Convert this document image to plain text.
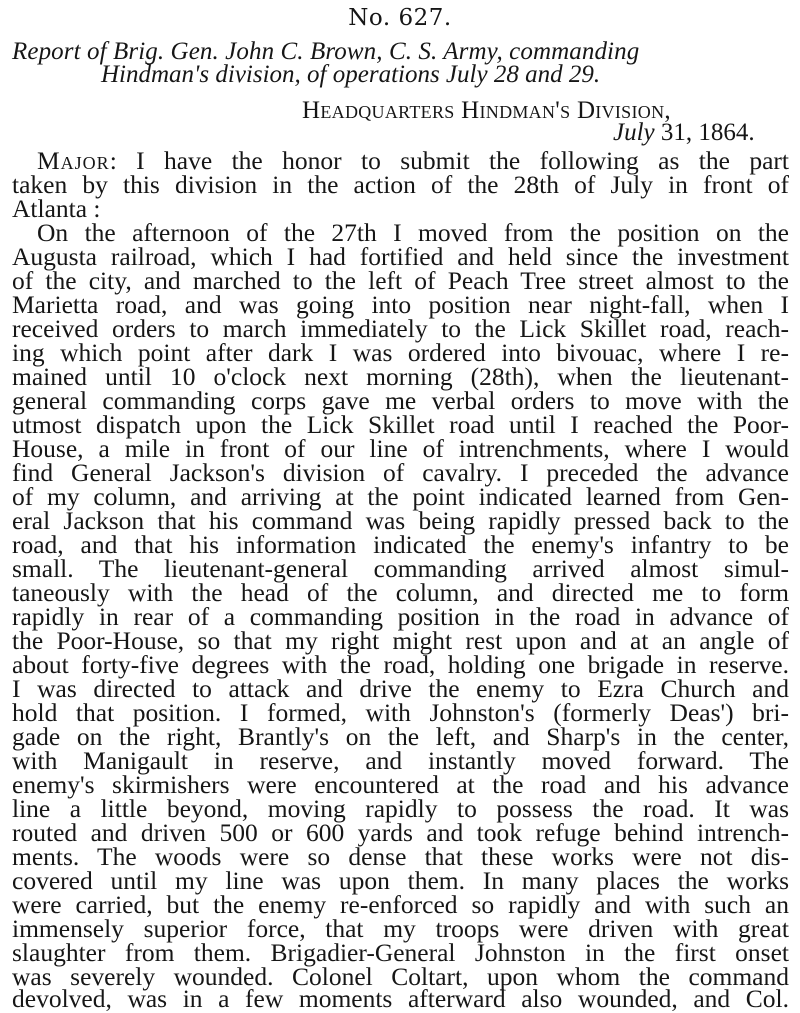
No. 627.
Report of Brig. Gen. John C. Brown, C. S. Army, commanding
Hindman's division, of operations July 28 and 29.
Headquarters Hindman's Division,
July 31, 1864.
Major: I have the honor to submit the following as the part
taken by this division in the action of the 28th of July in front of
Atlanta :
On the afternoon of the 27th I moved from the position on the
Augusta railroad, which I had fortified and held since the investment
of the city, and marched to the left of Peach Tree street almost to the
Marietta road, and was going into position near night-fall, when I
received orders to march immediately to the Lick Skillet road, reach-
ing which point after dark I was ordered into bivouac, where I re-
mained until 10 o'clock next morning (28th), when the lieutenant-
general commanding corps gave me verbal orders to move with the
utmost dispatch upon the Lick Skillet road until I reached the Poor-
House, a mile in front of our line of intrenchments, where I would
find General Jackson's division of cavalry. I preceded the advance
of my column, and arriving at the point indicated learned from Gen-
eral Jackson that his command was being rapidly pressed back to the
road, and that his information indicated the enemy's infantry to be
small. The lieutenant-general commanding arrived almost simul-
taneously with the head of the column, and directed me to form
rapidly in rear of a commanding position in the road in advance of
the Poor-House, so that my right might rest upon and at an angle of
about forty-five degrees with the road, holding one brigade in reserve.
I was directed to attack and drive the enemy to Ezra Church and
hold that position. I formed, with Johnston's (formerly Deas') bri-
gade on the right, Brantly's on the left, and Sharp's in the center,
with Manigault in reserve, and instantly moved forward. The
enemy's skirmishers were encountered at the road and his advance
line a little beyond, moving rapidly to possess the road. It was
routed and driven 500 or 600 yards and took refuge behind intrench-
ments. The woods were so dense that these works were not dis-
covered until my line was upon them. In many places the works
were carried, but the enemy re-enforced so rapidly and with such an
immensely superior force, that my troops were driven with great
slaughter from them. Brigadier-General Johnston in the first onset
was severely wounded. Colonel Coltart, upon whom the command
devolved, was in a few moments afterward also wounded, and Col.
